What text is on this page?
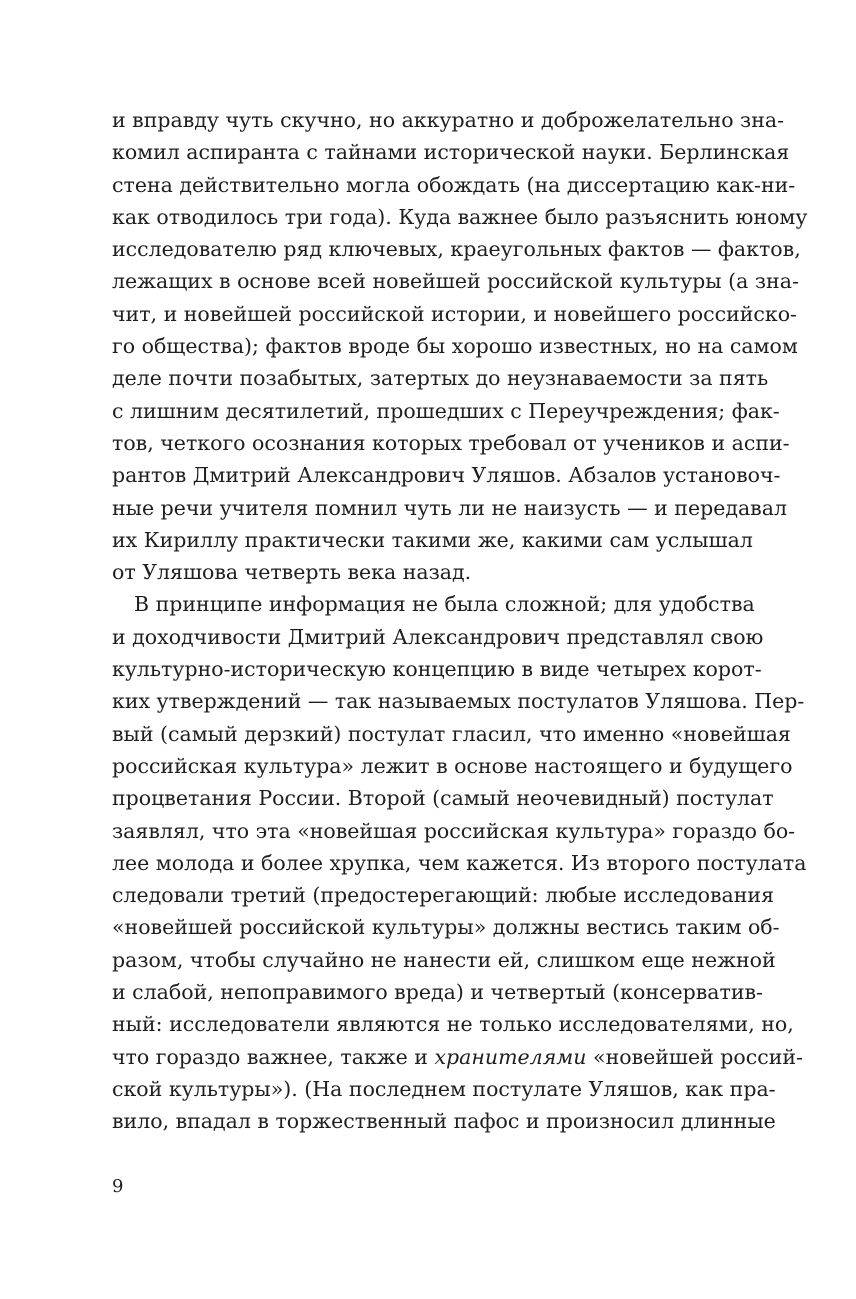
и вправду чуть скучно, но аккуратно и доброжелательно зна-
комил аспиранта с тайнами исторической науки. Берлинская
стена действительно могла обождать (на диссертацию как-ни-
как отводилось три года). Куда важнее было разъяснить юному
исследователю ряд ключевых, краеугольных фактов — фактов,
лежащих в основе всей новейшей российской культуры (а зна-
чит, и новейшей российской истории, и новейшего российско-
го общества); фактов вроде бы хорошо известных, но на самом
деле почти позабытых, затертых до неузнаваемости за пять
с лишним десятилетий, прошедших с Переучреждения; фак-
тов, четкого осознания которых требовал от учеников и аспи-
рантов Дмитрий Александрович Уляшов. Абзалов установоч-
ные речи учителя помнил чуть ли не наизусть — и передавал
их Кириллу практически такими же, какими сам услышал
от Уляшова четверть века назад.
В принципе информация не была сложной; для удобства
и доходчивости Дмитрий Александрович представлял свою
культурно-историческую концепцию в виде четырех корот-
ких утверждений — так называемых постулатов Уляшова. Пер-
вый (самый дерзкий) постулат гласил, что именно «новейшая
российская культура» лежит в основе настоящего и будущего
процветания России. Второй (самый неочевидный) постулат
заявлял, что эта «новейшая российская культура» гораздо бо-
лее молода и более хрупка, чем кажется. Из второго постулата
следовали третий (предостерегающий: любые исследования
«новейшей российской культуры» должны вестись таким об-
разом, чтобы случайно не нанести ей, слишком еще нежной
и слабой, непоправимого вреда) и четвертый (консерватив-
ный: исследователи являются не только исследователями, но,
что гораздо важнее, также и хранителями «новейшей россий-
ской культуры»). (На последнем постулате Уляшов, как пра-
вило, впадал в торжественный пафос и произносил длинные
9
